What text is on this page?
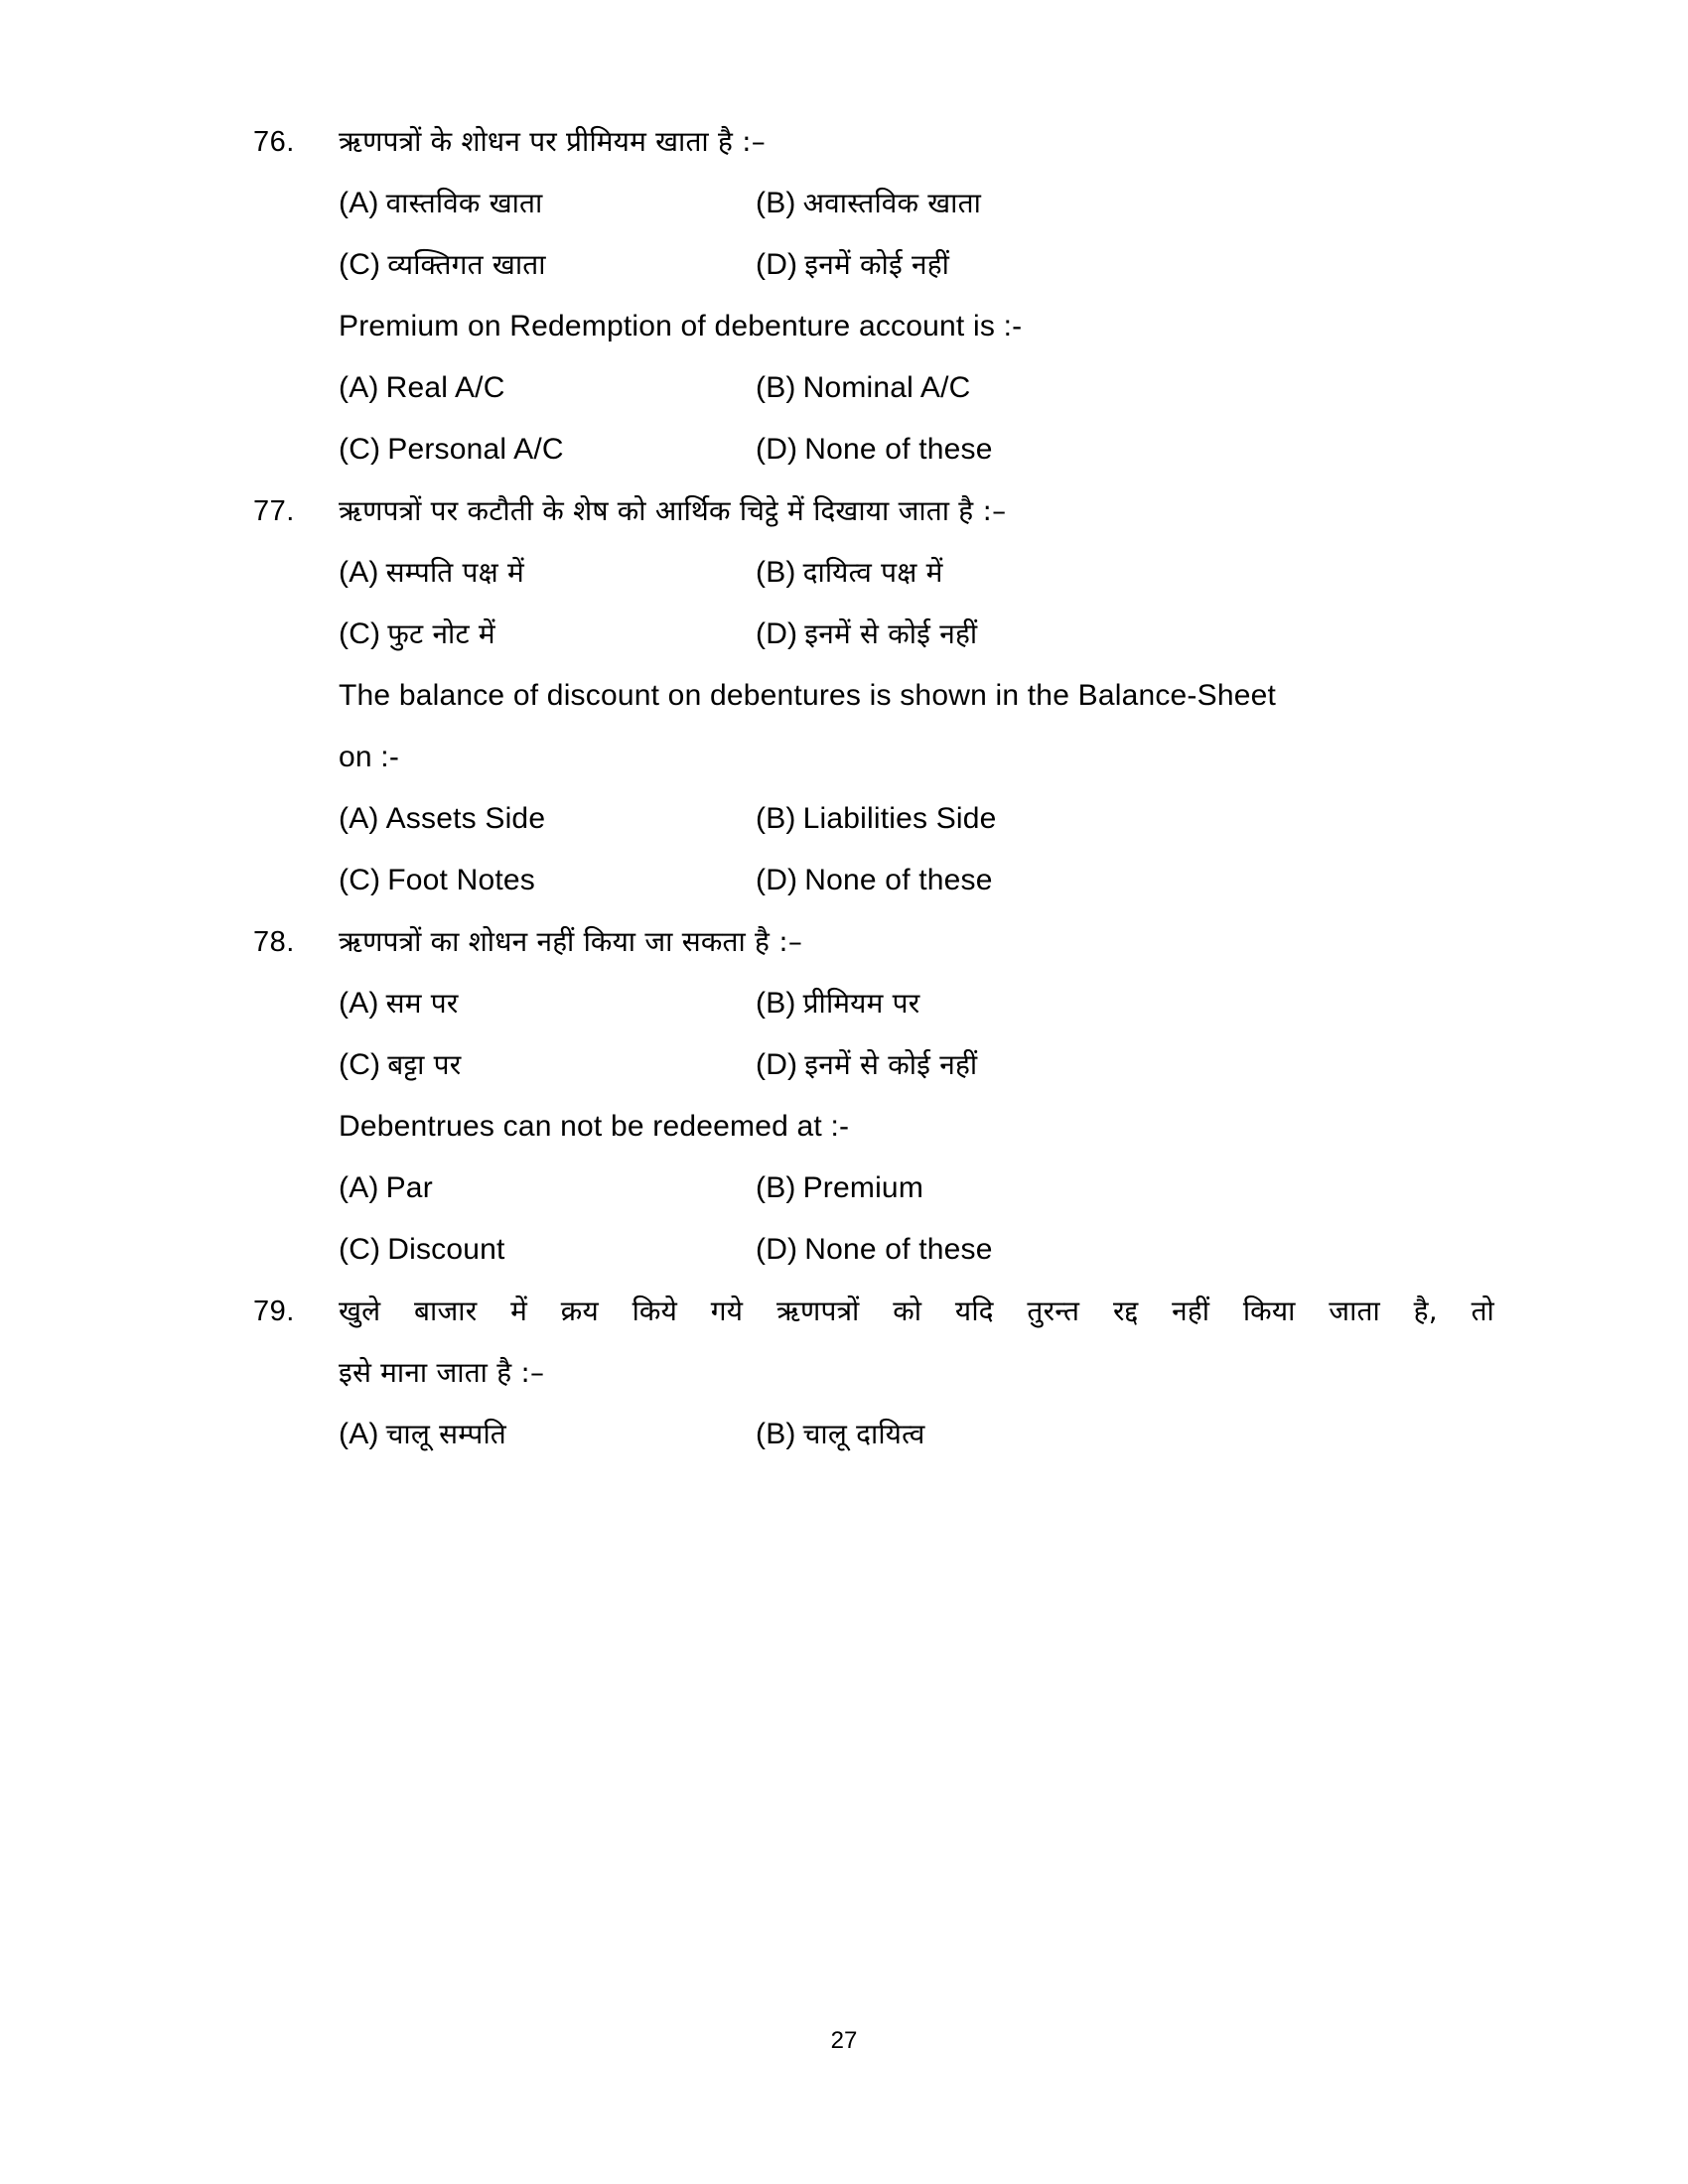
76.	ऋणपत्रों के शोधन पर प्रीमियम खाता है :–
(A) वास्तविक खाता	(B) अवास्तविक खाता
(C) व्यक्तिगत खाता	(D) इनमें कोई नहीं
Premium on Redemption of debenture account is :-
(A) Real A/C	(B) Nominal A/C
(C) Personal A/C	(D) None of these
77.	ऋणपत्रों पर कटौती के शेष को आर्थिक चिट्ठे में दिखाया जाता है :–
(A) सम्पति पक्ष में	(B) दायित्व पक्ष में
(C) फुट नोट में	(D) इनमें से कोई नहीं
The balance of discount on debentures is shown in the Balance-Sheet
on :-
(A) Assets Side	(B) Liabilities Side
(C) Foot Notes	(D) None of these
78.	ऋणपत्रों का शोधन नहीं किया जा सकता है :–
(A) सम पर	(B) प्रीमियम पर
(C) बट्टा पर	(D) इनमें से कोई नहीं
Debentrues can not be redeemed at :-
(A) Par	(B) Premium
(C) Discount	(D) None of these
79.	खुले बाजार में क्रय किये गये ऋणपत्रों को यदि तुरन्त रद्द नहीं किया जाता है, तो
इसे माना जाता है :–
(A) चालू सम्पति	(B) चालू दायित्व
27
